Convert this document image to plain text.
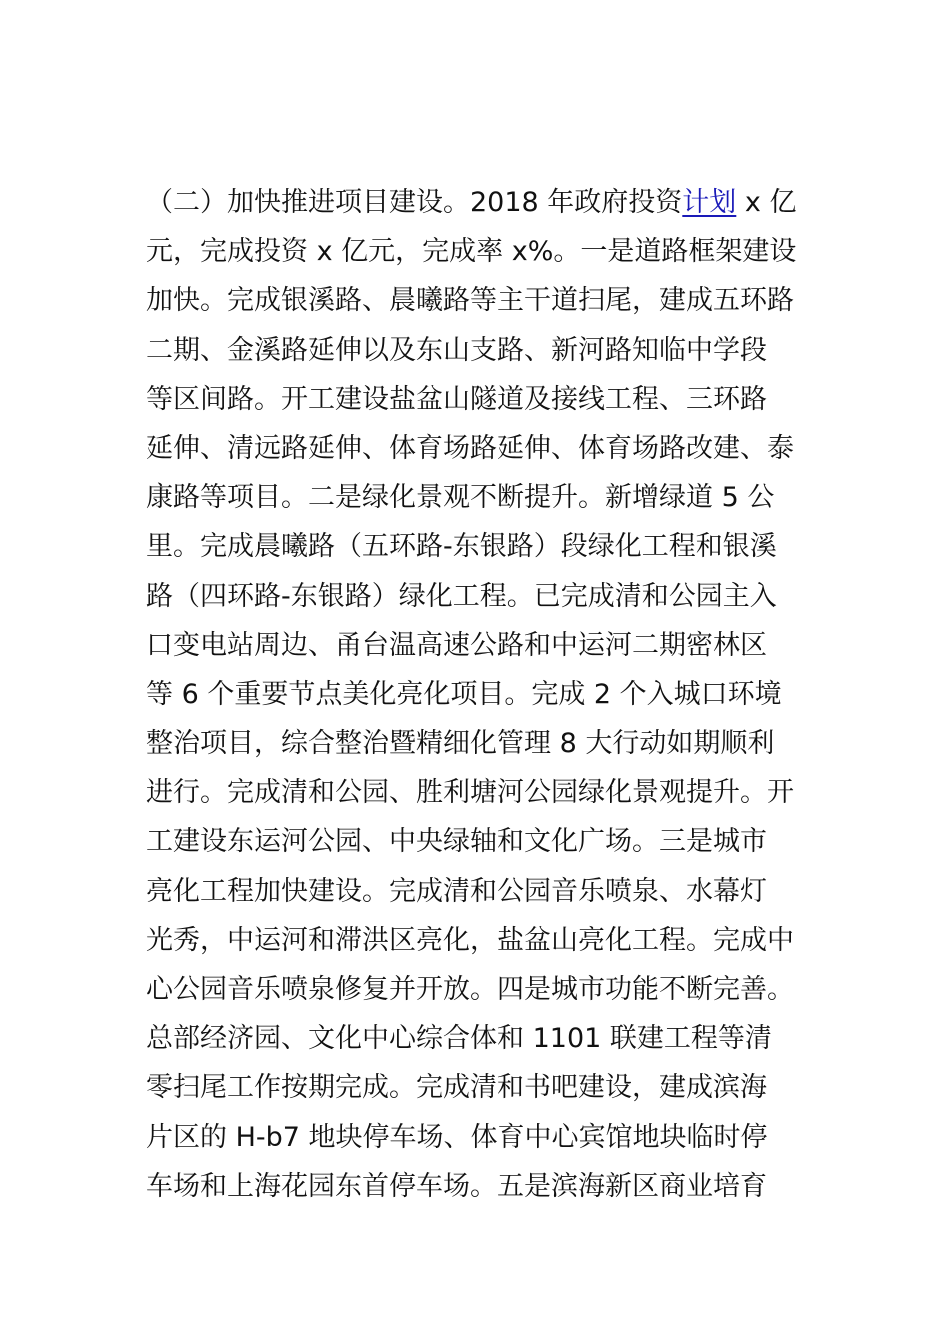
（二）加快推进项目建设。2018 年政府投资计划 x 亿
元，完成投资 x 亿元，完成率 x%。一是道路框架建设
加快。完成银溪路、晨曦路等主干道扫尾，建成五环路
二期、金溪路延伸以及东山支路、新河路知临中学段
等区间路。开工建设盐盆山隧道及接线工程、三环路
延伸、清远路延伸、体育场路延伸、体育场路改建、泰
康路等项目。二是绿化景观不断提升。新增绿道 5 公
里。完成晨曦路（五环路-东银路）段绿化工程和银溪
路（四环路-东银路）绿化工程。已完成清和公园主入
口变电站周边、甬台温高速公路和中运河二期密林区
等 6 个重要节点美化亮化项目。完成 2 个入城口环境
整治项目，综合整治暨精细化管理 8 大行动如期顺利
进行。完成清和公园、胜利塘河公园绿化景观提升。开
工建设东运河公园、中央绿轴和文化广场。三是城市
亮化工程加快建设。完成清和公园音乐喷泉、水幕灯
光秀，中运河和滞洪区亮化，盐盆山亮化工程。完成中
心公园音乐喷泉修复并开放。四是城市功能不断完善。
总部经济园、文化中心综合体和 1101 联建工程等清
零扫尾工作按期完成。完成清和书吧建设，建成滨海
片区的 H-b7 地块停车场、体育中心宾馆地块临时停
车场和上海花园东首停车场。五是滨海新区商业培育
